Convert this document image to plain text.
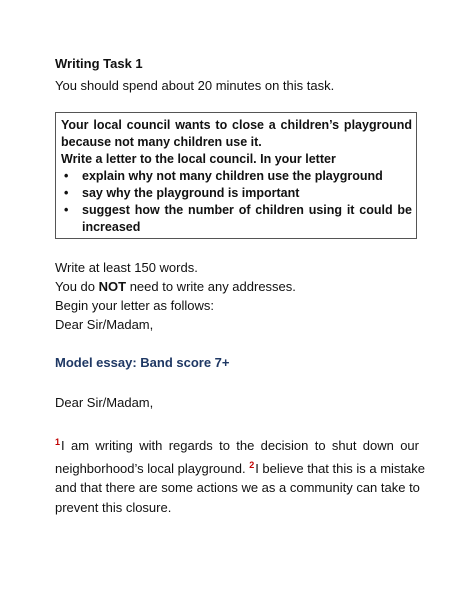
Writing Task 1
You should spend about 20 minutes on this task.
Your local council wants to close a children’s playground
because not many children use it.
Write a letter to the local council. In your letter
• explain why not many children use the playground
• say why the playground is important
• suggest how the number of children using it could be
increased
Write at least 150 words.
You do NOT need to write any addresses.
Begin your letter as follows:
Dear Sir/Madam,
Model essay: Band score 7+
Dear Sir/Madam,
$^1$I am writing with regards to the decision to shut down our
neighborhood’s local playground. $^2$I believe that this is a mistake
and that there are some actions we as a community can take to
prevent this closure.
